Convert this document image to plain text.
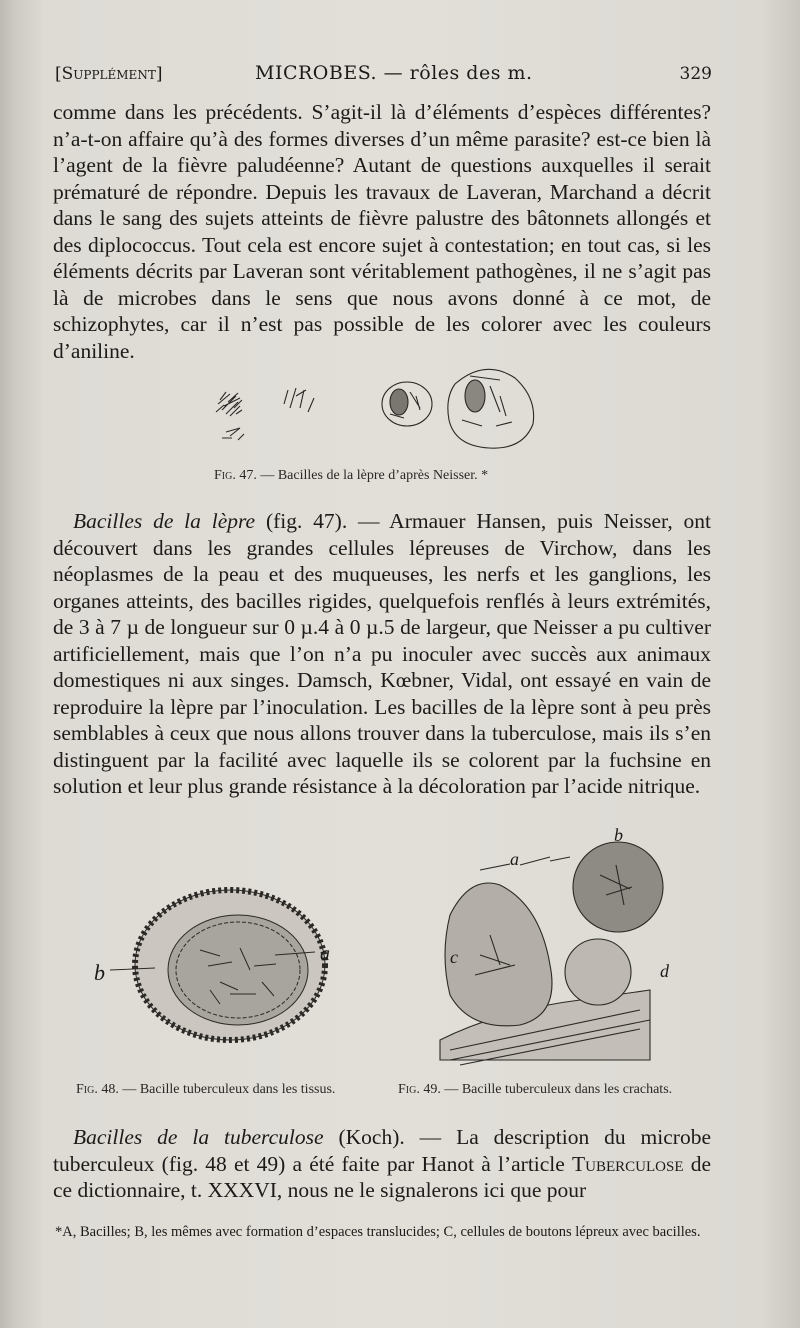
[Supplément]	MICROBES. — rôles des m.	329

comme dans les précédents. S’agit-il là d’éléments d’espèces différentes? n’a-t-on affaire qu’à des formes diverses d’un même parasite? est-ce bien là l’agent de la fièvre paludéenne? Autant de questions auxquelles il serait prématuré de répondre. Depuis les travaux de Laveran, Marchand a décrit dans le sang des sujets atteints de fièvre palustre des bâtonnets allongés et des diplococcus. Tout cela est encore sujet à contestation; en tout cas, si les éléments décrits par Laveran sont véritablement pathogènes, il ne s’agit pas là de microbes dans le sens que nous avons donné à ce mot, de schizophytes, car il n’est pas possible de les colorer avec les couleurs d’aniline.

Fig. 47. — Bacilles de la lèpre d’après Neisser. *

Bacilles de la lèpre (fig. 47). — Armauer Hansen, puis Neisser, ont découvert dans les grandes cellules lépreuses de Virchow, dans les néoplasmes de la peau et des muqueuses, les nerfs et les ganglions, les organes atteints, des bacilles rigides, quelquefois renflés à leurs extrémités, de 3 à 7 µ de longueur sur 0 µ.4 à 0 µ.5 de largeur, que Neisser a pu cultiver artificiellement, mais que l’on n’a pu inoculer avec succès aux animaux domestiques ni aux singes. Damsch, Kœbner, Vidal, ont essayé en vain de reproduire la lèpre par l’inoculation. Les bacilles de la lèpre sont à peu près semblables à ceux que nous allons trouver dans la tuberculose, mais ils s’en distinguent par la facilité avec laquelle ils se colorent par la fuchsine en solution et leur plus grande résistance à la décoloration par l’acide nitrique.

b
a
a
b
c
d
Fig. 48. — Bacille tuberculeux dans les tissus.	Fig. 49. — Bacille tuberculeux dans les crachats.

Bacilles de la tuberculose (Koch). — La description du microbe tuberculeux (fig. 48 et 49) a été faite par Hanot à l’article Tuberculose de ce dictionnaire, t. XXXVI, nous ne le signalerons ici que pour

*A, Bacilles; B, les mêmes avec formation d’espaces translucides; C, cellules de boutons lépreux avec bacilles.
